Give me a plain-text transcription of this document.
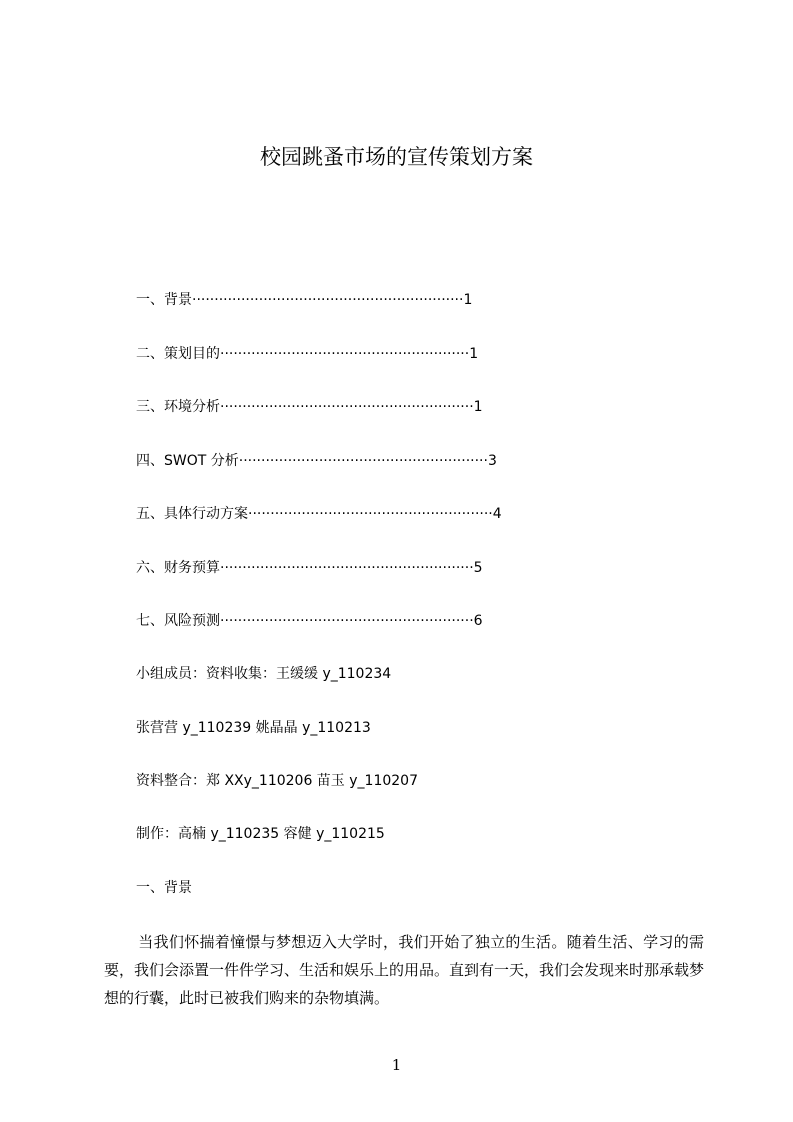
校园跳蚤市场的宣传策划方案
一、背景·····························································1
二、策划目的························································1
三、环境分析·························································1
四、SWOT 分析························································3
五、具体行动方案·······················································4
六、财务预算·························································5
七、风险预测·························································6
小组成员：资料收集：王缓缓 y_110234
张营营 y_110239 姚晶晶 y_110213
资料整合：郑 XXy_110206 苗玉 y_110207
制作：高楠 y_110235 容健 y_110215
一、背景
当我们怀揣着憧憬与梦想迈入大学时，我们开始了独立的生活。随着生活、学习的需要，我们会添置一件件学习、生活和娱乐上的用品。直到有一天，我们会发现来时那承载梦想的行囊，此时已被我们购来的杂物填满。
1
